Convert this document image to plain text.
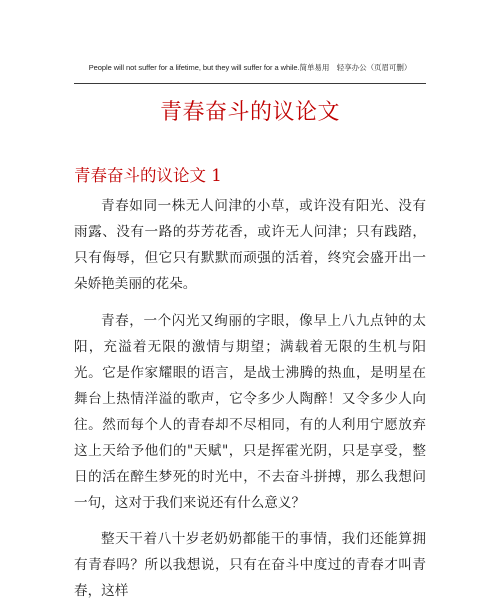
People will not suffer for a lifetime, but they will suffer for a while.简单易用　轻享办公（页眉可删）
青春奋斗的议论文
青春奋斗的议论文 1

青春如同一株无人问津的小草，或许没有阳光、没有雨露、没有一路的芬芳花香，或许无人问津；只有践踏，只有侮辱，但它只有默默而顽强的活着，终究会盛开出一朵娇艳美丽的花朵。

青春，一个闪光又绚丽的字眼，像早上八九点钟的太阳，充溢着无限的激情与期望；满载着无限的生机与阳光。它是作家耀眼的语言，是战士沸腾的热血，是明星在舞台上热情洋溢的歌声，它令多少人陶醉！又令多少人向往。然而每个人的青春却不尽相同，有的人利用宁愿放弃这上天给予他们的"天赋"，只是挥霍光阴，只是享受，整日的活在醉生梦死的时光中，不去奋斗拼搏，那么我想问一句，这对于我们来说还有什么意义？

整天干着八十岁老奶奶都能干的事情，我们还能算拥有青春吗？所以我想说，只有在奋斗中度过的青春才叫青春，这样
